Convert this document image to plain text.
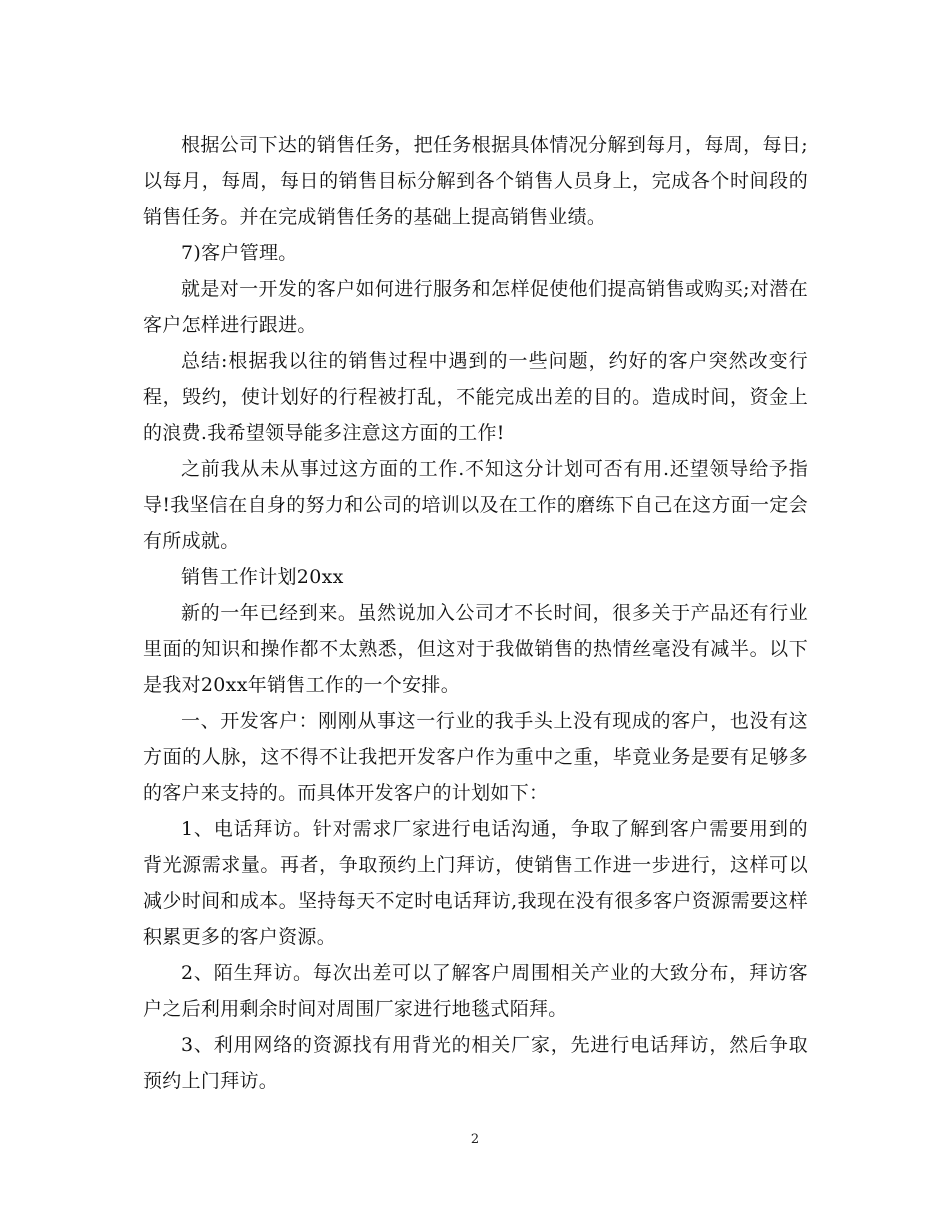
根据公司下达的销售任务，把任务根据具体情况分解到每月，每周，每日;以每月，每周，每日的销售目标分解到各个销售人员身上，完成各个时间段的销售任务。并在完成销售任务的基础上提高销售业绩。

7)客户管理。

就是对一开发的客户如何进行服务和怎样促使他们提高销售或购买;对潜在客户怎样进行跟进。

总结:根据我以往的销售过程中遇到的一些问题，约好的客户突然改变行程，毁约，使计划好的行程被打乱，不能完成出差的目的。造成时间，资金上的浪费.我希望领导能多注意这方面的工作!

之前我从未从事过这方面的工作.不知这分计划可否有用.还望领导给予指导!我坚信在自身的努力和公司的培训以及在工作的磨练下自己在这方面一定会有所成就。

销售工作计划20xx

新的一年已经到来。虽然说加入公司才不长时间，很多关于产品还有行业里面的知识和操作都不太熟悉，但这对于我做销售的热情丝毫没有减半。以下是我对20xx年销售工作的一个安排。

一、开发客户：刚刚从事这一行业的我手头上没有现成的客户，也没有这方面的人脉，这不得不让我把开发客户作为重中之重，毕竟业务是要有足够多的客户来支持的。而具体开发客户的计划如下：

1、电话拜访。针对需求厂家进行电话沟通，争取了解到客户需要用到的背光源需求量。再者，争取预约上门拜访，使销售工作进一步进行，这样可以减少时间和成本。坚持每天不定时电话拜访,我现在没有很多客户资源需要这样积累更多的客户资源。

2、陌生拜访。每次出差可以了解客户周围相关产业的大致分布，拜访客户之后利用剩余时间对周围厂家进行地毯式陌拜。

3、利用网络的资源找有用背光的相关厂家，先进行电话拜访，然后争取预约上门拜访。

2
